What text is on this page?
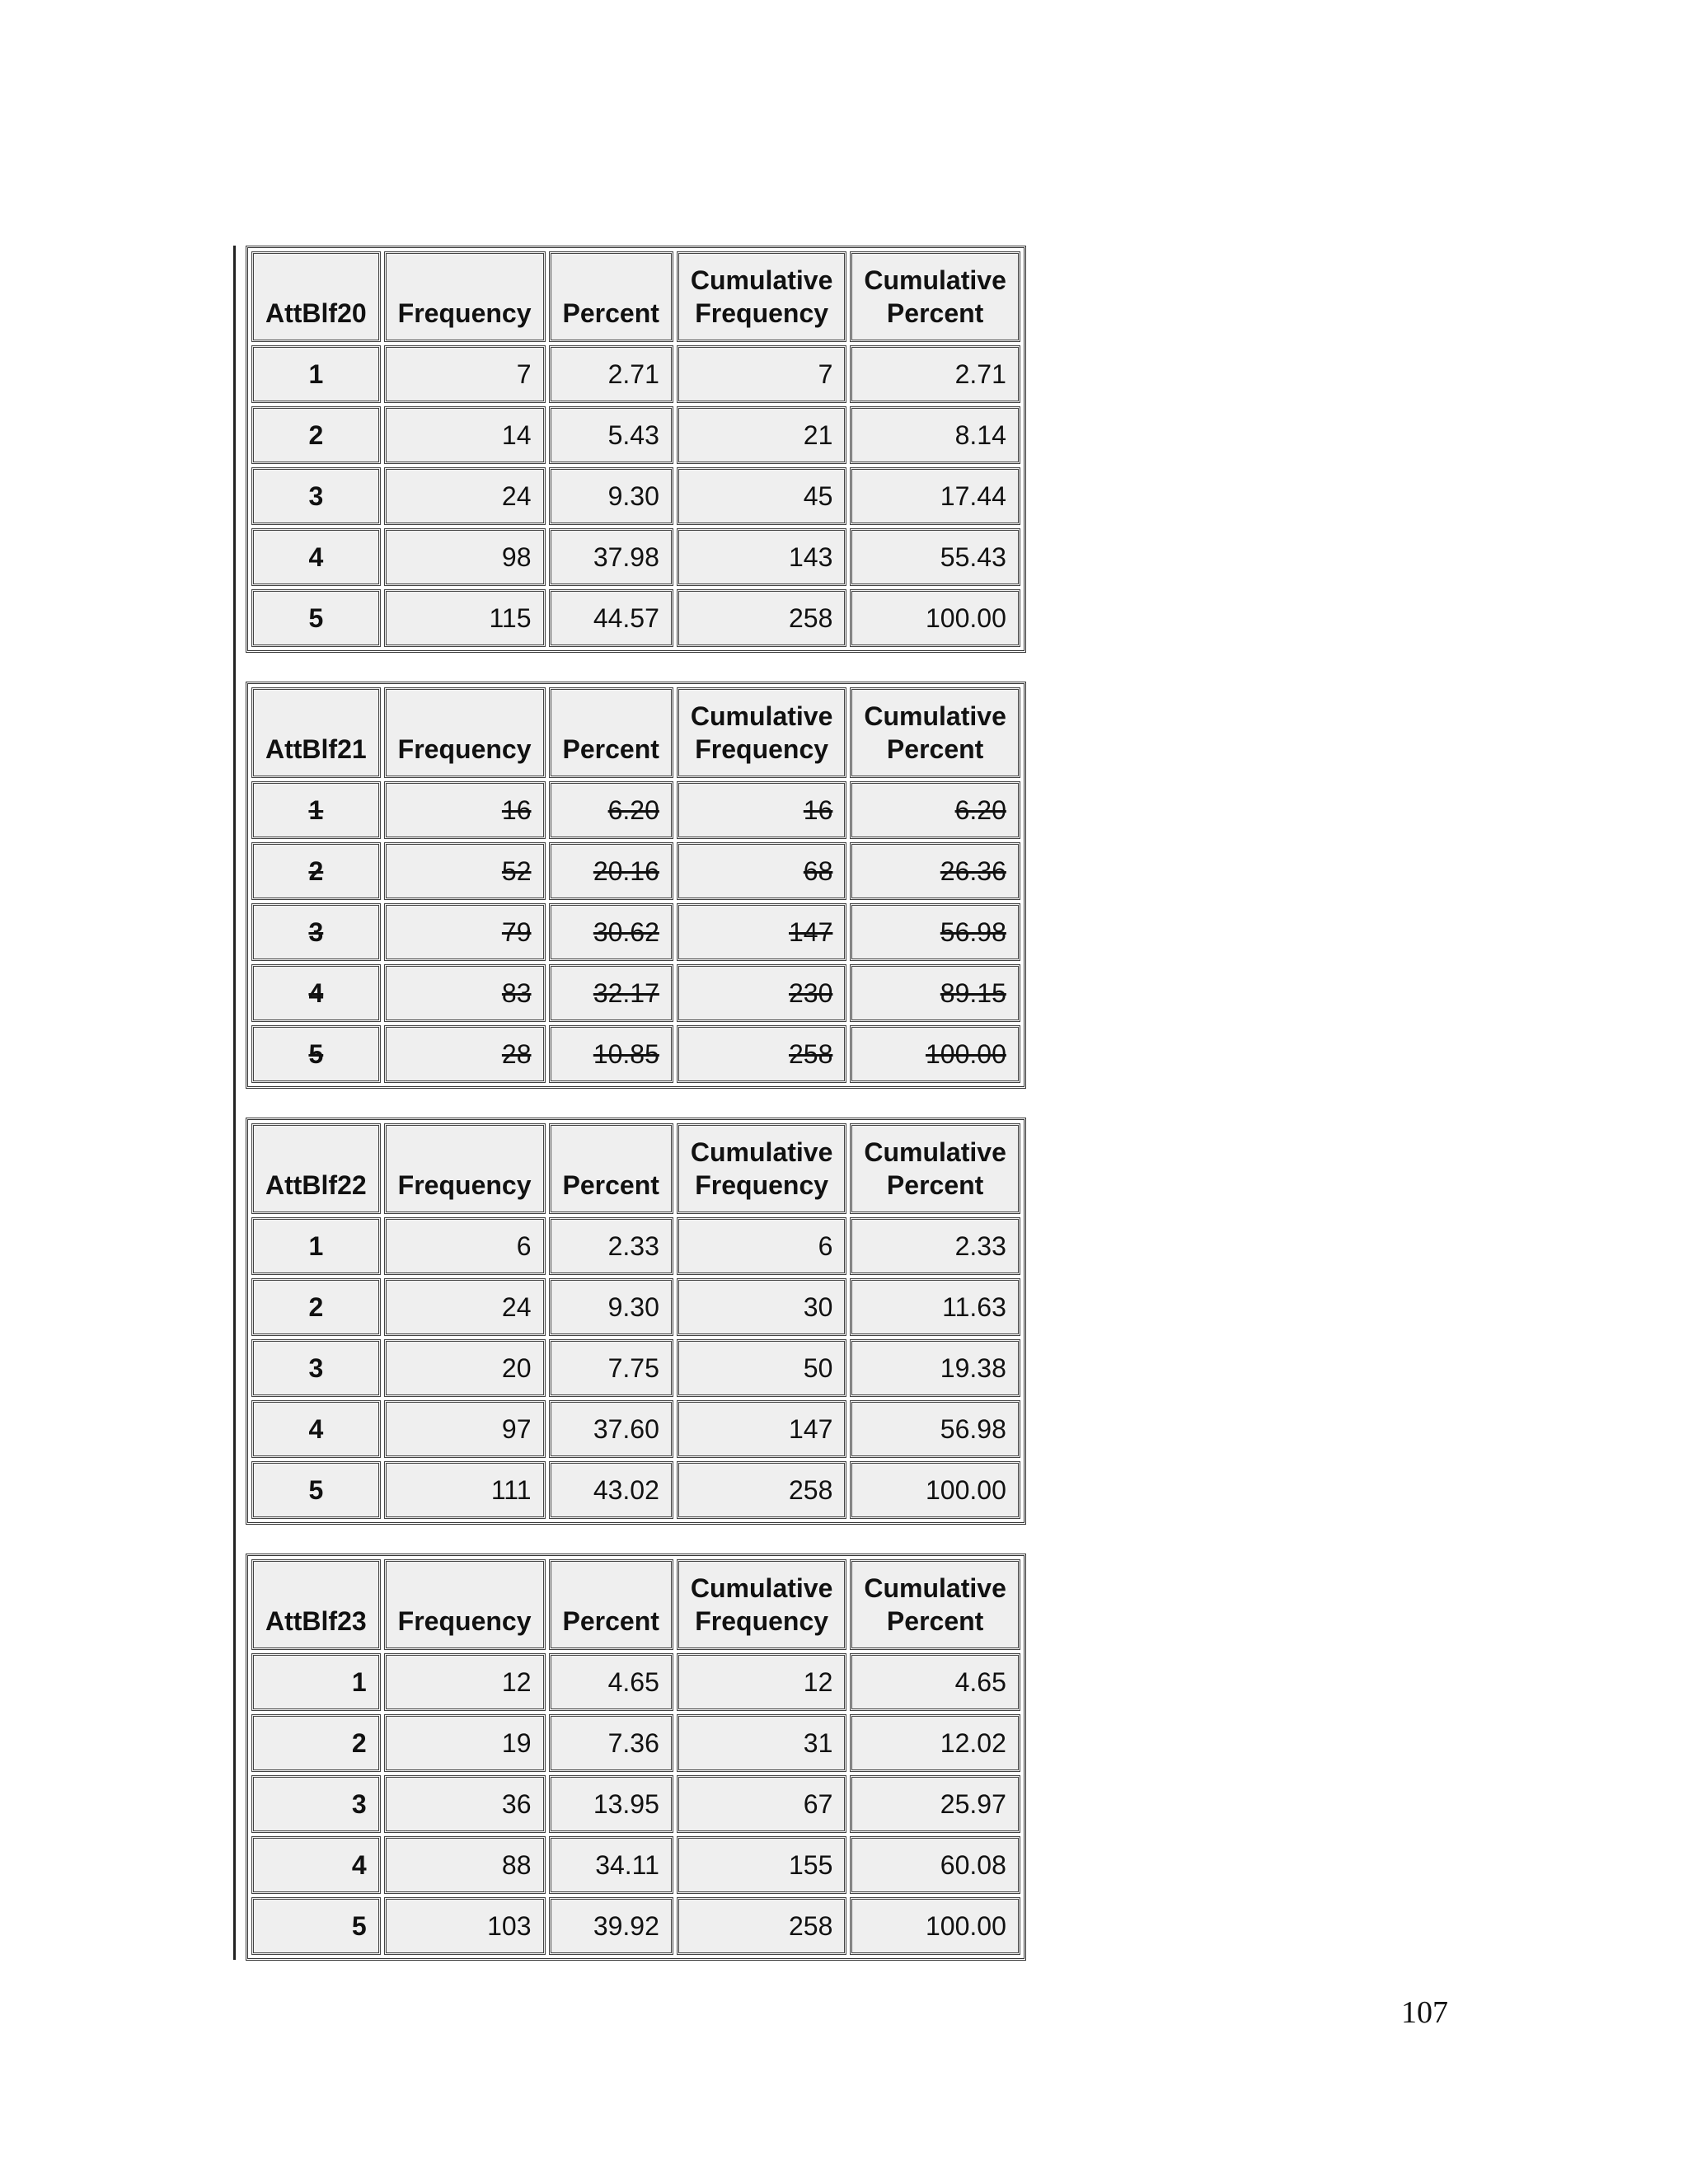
AttBlf20	Frequency	Percent	Cumulative Frequency	Cumulative Percent
1	7	2.71	7	2.71
2	14	5.43	21	8.14
3	24	9.30	45	17.44
4	98	37.98	143	55.43
5	115	44.57	258	100.00
AttBlf21	Frequency	Percent	Cumulative Frequency	Cumulative Percent
1	16	6.20	16	6.20
2	52	20.16	68	26.36
3	79	30.62	147	56.98
4	83	32.17	230	89.15
5	28	10.85	258	100.00
AttBlf22	Frequency	Percent	Cumulative Frequency	Cumulative Percent
1	6	2.33	6	2.33
2	24	9.30	30	11.63
3	20	7.75	50	19.38
4	97	37.60	147	56.98
5	111	43.02	258	100.00
AttBlf23	Frequency	Percent	Cumulative Frequency	Cumulative Percent
1	12	4.65	12	4.65
2	19	7.36	31	12.02
3	36	13.95	67	25.97
4	88	34.11	155	60.08
5	103	39.92	258	100.00
107
